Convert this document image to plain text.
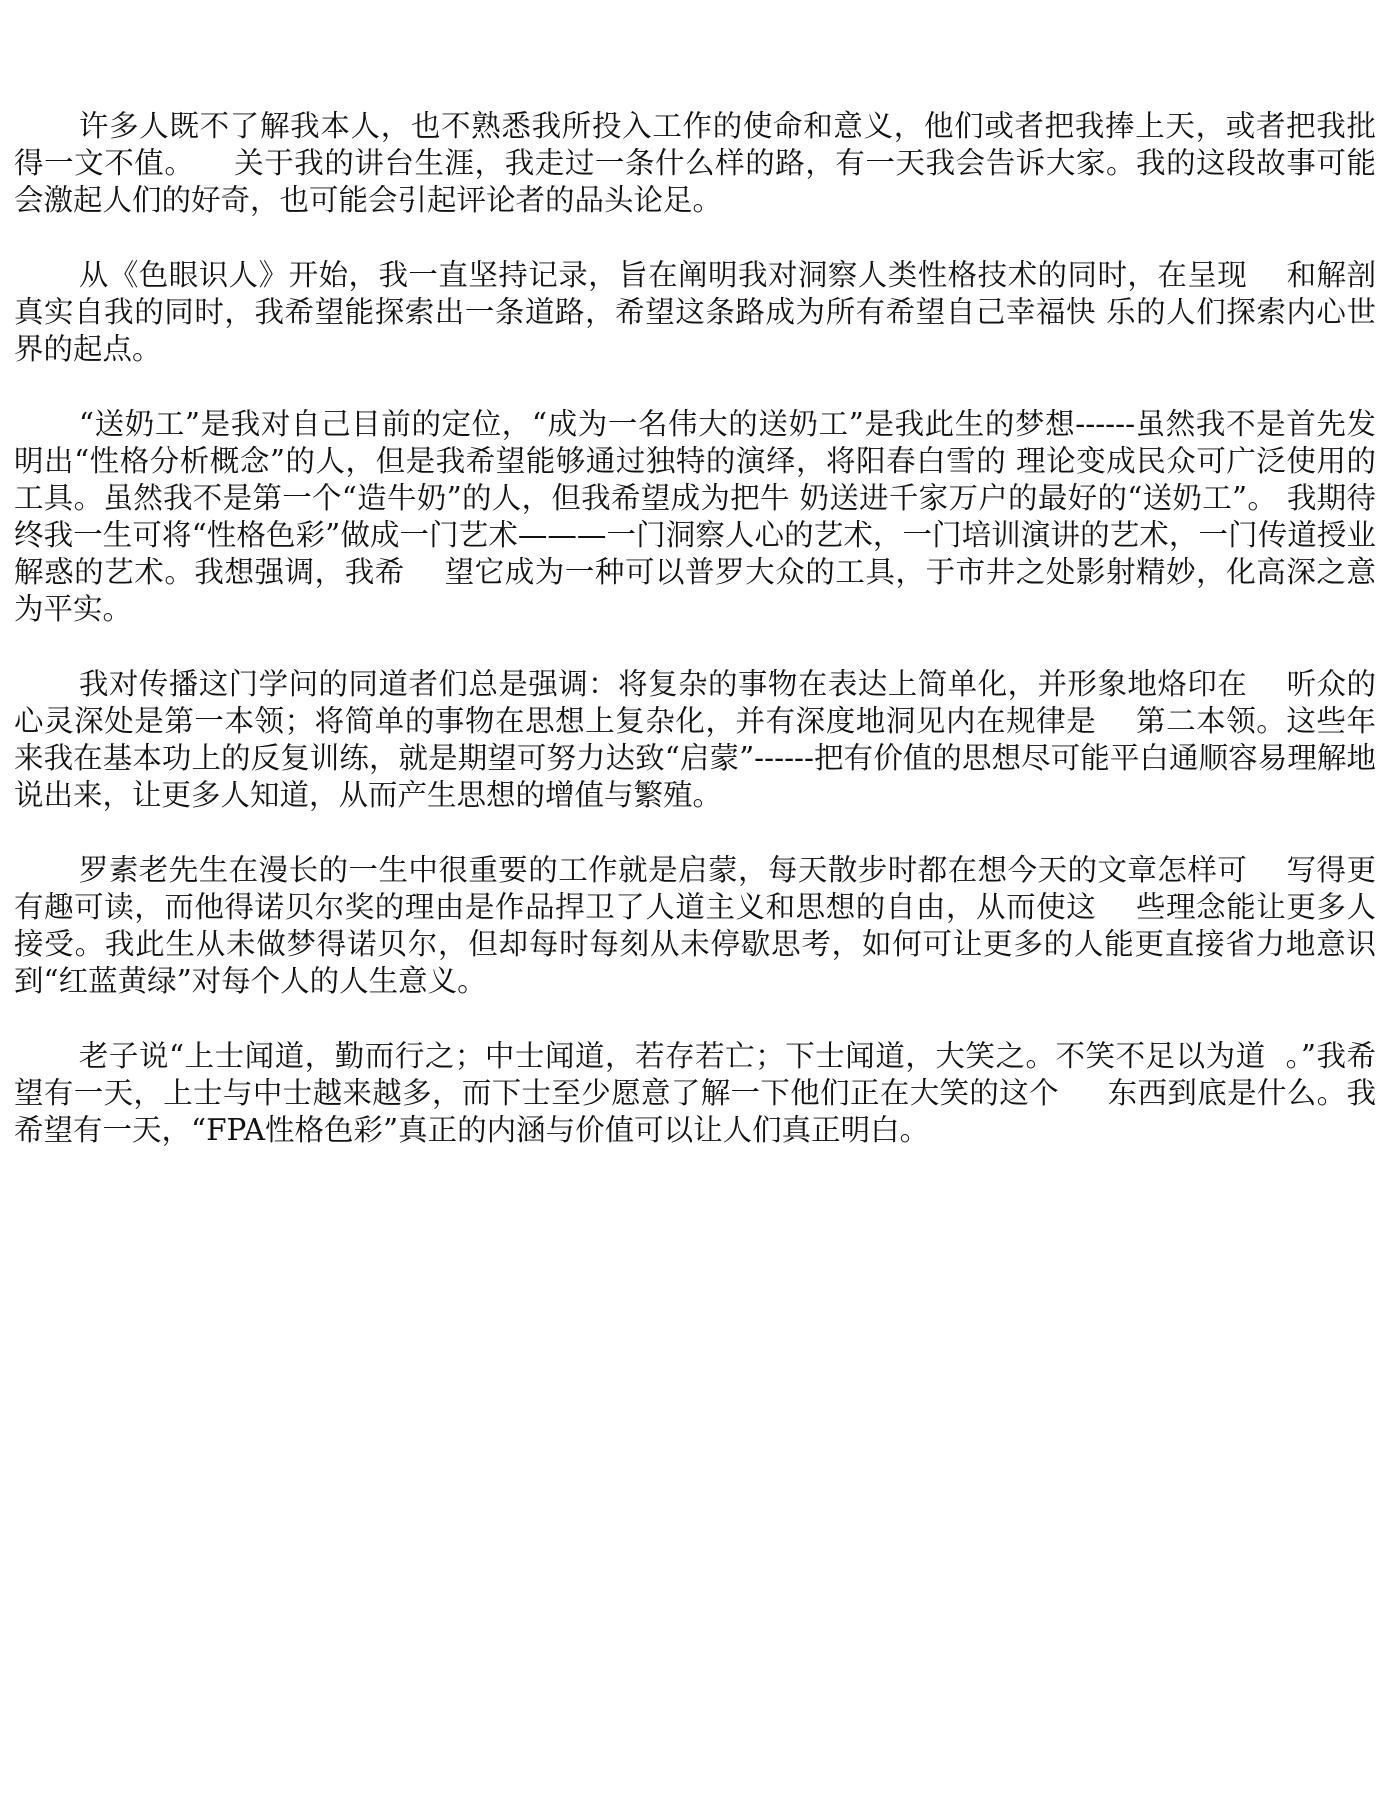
许多人既不了解我本人，也不熟悉我所投入工作的使命和意义，他们或者把我捧上天，或者把我批得一文不值。    关于我的讲台生涯，我走过一条什么样的路，有一天我会告诉大家。我的这段故事可能会激起人们的好奇，也可能会引起评论者的品头论足。

从《色眼识人》开始，我一直坚持记录，旨在阐明我对洞察人类性格技术的同时，在呈现    和解剖真实自我的同时，我希望能探索出一条道路，希望这条路成为所有希望自己幸福快 乐的人们探索内心世界的起点。

“送奶工”是我对自己目前的定位，“成为一名伟大的送奶工”是我此生的梦想------虽然我不是首先发明出“性格分析概念”的人，但是我希望能够通过独特的演绎，将阳春白雪的 理论变成民众可广泛使用的工具。虽然我不是第一个“造牛奶”的人，但我希望成为把牛 奶送进千家万户的最好的“送奶工”。 我期待终我一生可将“性格色彩”做成一门艺术———一门洞察人心的艺术，一门培训演讲的艺术，一门传道授业解惑的艺术。我想强调，我希    望它成为一种可以普罗大众的工具，于市井之处影射精妙，化高深之意为平实。

我对传播这门学问的同道者们总是强调：将复杂的事物在表达上简单化，并形象地烙印在    听众的心灵深处是第一本领；将简单的事物在思想上复杂化，并有深度地洞见内在规律是    第二本领。这些年来我在基本功上的反复训练，就是期望可努力达致“启蒙”------把有价值的思想尽可能平白通顺容易理解地说出来，让更多人知道，从而产生思想的增值与繁殖。

罗素老先生在漫长的一生中很重要的工作就是启蒙，每天散步时都在想今天的文章怎样可    写得更有趣可读，而他得诺贝尔奖的理由是作品捍卫了人道主义和思想的自由，从而使这    些理念能让更多人接受。我此生从未做梦得诺贝尔，但却每时每刻从未停歇思考，如何可让更多的人能更直接省力地意识到“红蓝黄绿”对每个人的人生意义。

老子说“上士闻道，勤而行之；中士闻道，若存若亡；下士闻道，大笑之。不笑不足以为道  。”我希望有一天，上士与中士越来越多，而下士至少愿意了解一下他们正在大笑的这个     东西到底是什么。我希望有一天，“FPA性格色彩”真正的内涵与价值可以让人们真正明白。
